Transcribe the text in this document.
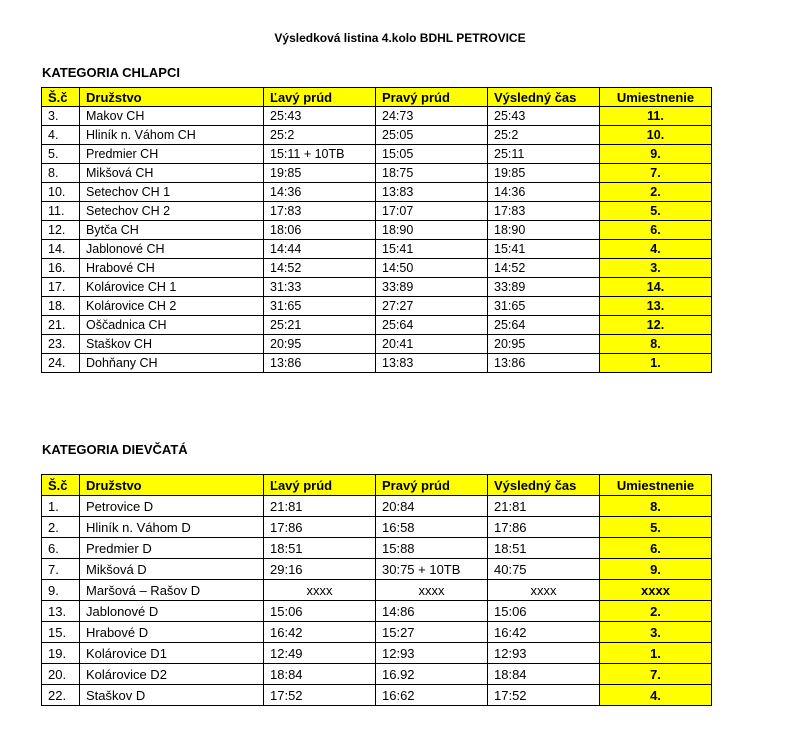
Výsledková listina 4.kolo BDHL PETROVICE
KATEGORIA CHLAPCI
Š.č	Družstvo	Ľavý prúd	Pravý prúd	Výsledný čas	Umiestnenie
3.	Makov CH	25:43	24:73	25:43	11.
4.	Hliník n. Váhom CH	25:2	25:05	25:2	10.
5.	Predmier CH	15:11 + 10TB	15:05	25:11	9.
8.	Mikšová CH	19:85	18:75	19:85	7.
10.	Setechov CH 1	14:36	13:83	14:36	2.
11.	Setechov CH 2	17:83	17:07	17:83	5.
12.	Bytča CH	18:06	18:90	18:90	6.
14.	Jablonové CH	14:44	15:41	15:41	4.
16.	Hrabové CH	14:52	14:50	14:52	3.
17.	Kolárovice CH 1	31:33	33:89	33:89	14.
18.	Kolárovice CH 2	31:65	27:27	31:65	13.
21.	Oščadnica CH	25:21	25:64	25:64	12.
23.	Staškov CH	20:95	20:41	20:95	8.
24.	Dohňany CH	13:86	13:83	13:86	1.
KATEGORIA DIEVČATÁ
Š.č	Družstvo	Ľavý prúd	Pravý prúd	Výsledný čas	Umiestnenie
1.	Petrovice D	21:81	20:84	21:81	8.
2.	Hliník n. Váhom D	17:86	16:58	17:86	5.
6.	Predmier D	18:51	15:88	18:51	6.
7.	Mikšová D	29:16	30:75 + 10TB	40:75	9.
9.	Maršová – Rašov D	xxxx	xxxx	xxxx	xxxx
13.	Jablonové D	15:06	14:86	15:06	2.
15.	Hrabové D	16:42	15:27	16:42	3.
19.	Kolárovice D1	12:49	12:93	12:93	1.
20.	Kolárovice D2	18:84	16.92	18:84	7.
22.	Staškov D	17:52	16:62	17:52	4.
